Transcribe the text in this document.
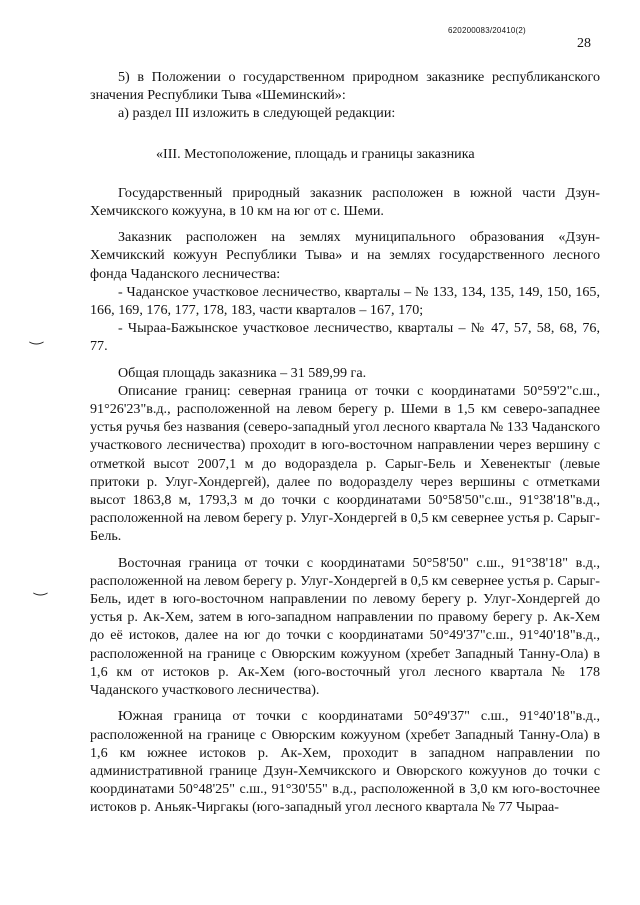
620200083/20410(2)
28
‿
‿

5) в Положении о государственном природном заказнике республиканского значения Республики Тыва «Шеминский»:

а) раздел III изложить в следующей редакции:

«III. Местоположение, площадь и границы заказника

Государственный природный заказник расположен в южной части Дзун-Хемчикского кожууна, в 10 км на юг от с. Шеми.

Заказник расположен на землях муниципального образования «Дзун-Хемчикский кожуун Республики Тыва» и на землях государственного лесного фонда Чаданского лесничества:

- Чаданское участковое лесничество, кварталы – № 133, 134, 135, 149, 150, 165, 166, 169, 176, 177, 178, 183, части кварталов – 167, 170;

- Чыраа-Бажынское участковое лесничество, кварталы – № 47, 57, 58, 68, 76, 77.

Общая площадь заказника – 31 589,99 га.

Описание границ: северная граница от точки с координатами 50°59'2"с.ш., 91°26'23"в.д., расположенной на левом берегу р. Шеми в 1,5 км северо-западнее устья ручья без названия (северо-западный угол лесного квартала № 133 Чаданского участкового лесничества) проходит в юго-восточном направлении через вершину с отметкой высот 2007,1 м до водораздела р. Сарыг-Бель и Хевенектыг (левые притоки р. Улуг-Хондергей), далее по водоразделу через вершины с отметками высот 1863,8 м, 1793,3 м до точки с координатами 50°58'50"с.ш., 91°38'18"в.д., расположенной на левом берегу р. Улуг-Хондергей в 0,5 км севернее устья р. Сарыг-Бель.

Восточная граница от точки с координатами 50°58'50" с.ш., 91°38'18" в.д., расположенной на левом берегу р. Улуг-Хондергей в 0,5 км севернее устья р. Сарыг-Бель, идет в юго-восточном направлении по левому берегу р. Улуг-Хондергей до устья р. Ак-Хем, затем в юго-западном направлении по правому берегу р. Ак-Хем до её истоков, далее на юг до точки с координатами 50°49'37"с.ш., 91°40'18"в.д., расположенной на границе с Овюрским кожууном (хребет Западный Танну-Ола) в 1,6 км от истоков р. Ак-Хем (юго-восточный угол лесного квартала № 178 Чаданского участкового лесничества).

Южная граница от точки с координатами 50°49'37" с.ш., 91°40'18"в.д., расположенной на границе с Овюрским кожууном (хребет Западный Танну-Ола) в 1,6 км южнее истоков р. Ак-Хем, проходит в западном направлении по административной границе Дзун-Хемчикского и Овюрского кожуунов до точки с координатами 50°48'25" с.ш., 91°30'55" в.д., расположенной в 3,0 км юго-восточнее истоков р. Аньяк-Чиргакы (юго-западный угол лесного квартала № 77 Чыраа-
